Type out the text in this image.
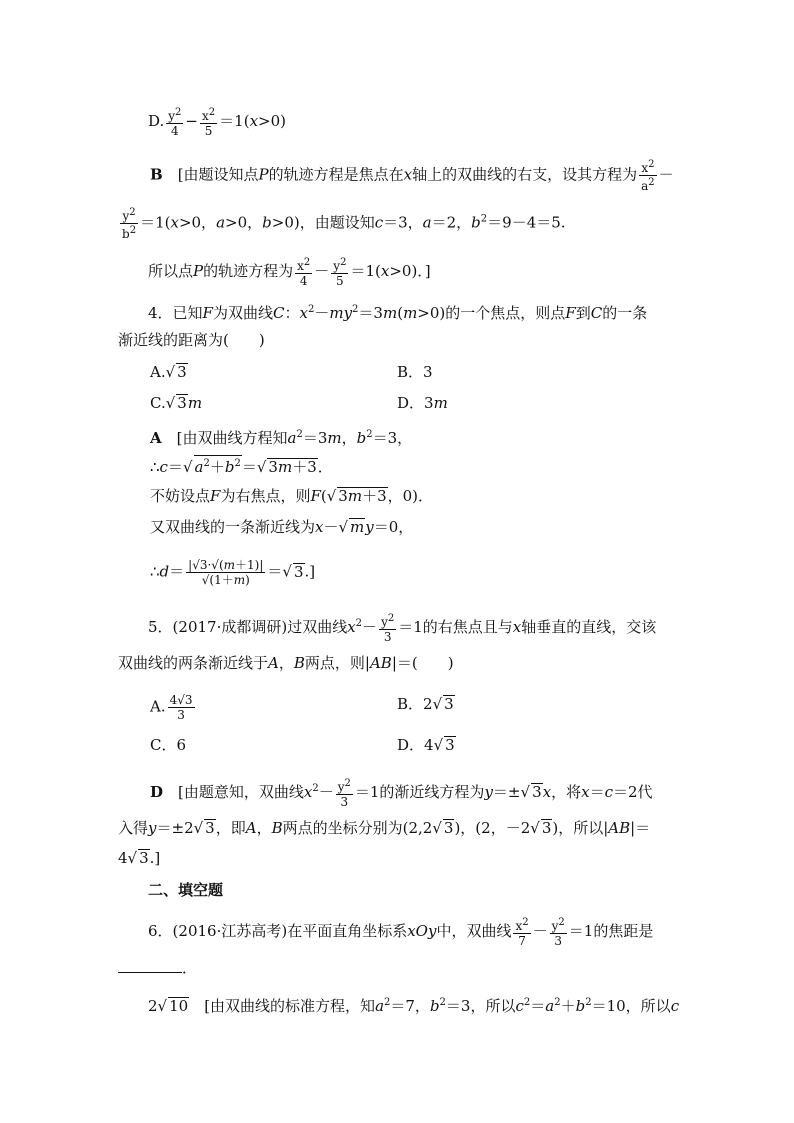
D. $\frac{y^2}{4} - \frac{x^2}{5} =1(x>0)$
B　[由题设知点P的轨迹方程是焦点在x轴上的双曲线的右支，设其方程为 $\frac{x^2}{a^2}$ －
$\frac{y^2}{b^2} =1(x>0$，a>0，b>0)，由题设知c＝3，a＝2，$b^2=9-4=5$.
所以点P的轨迹方程为 $\frac{x^2}{4} - \frac{y^2}{5} =1(x>0)$．]
4．已知F为双曲线C：$x^2-my^2=3m(m>0)$的一个焦点，则点F到C的一条
渐近线的距离为(　　)
A.√ 3	B．3
C.√ 3m	D．3m
A　[由双曲线方程知$a^2=3m$，$b^2=3$，
∴c＝√ $a^2+b^2=√$ 3m＋3．
不妨设点F为右焦点，则F(√ 3m＋3，0)．
又双曲线的一条渐近线为x－√ my＝0，
∴d＝ $\frac{|√3\cdot√(m+1)|}{√(1+m)}$ ＝√ 3.]
5．(2017·成都调研)过双曲线$x^2- \frac{y^2}{3} =1$的右焦点且与x轴垂直的直线，交该
双曲线的两条渐近线于A，B两点，则|AB|＝(　　)
A. $\frac{4√3}{3}$	B．2√ 3
C．6	D．4√ 3
D　[由题意知，双曲线$x^2- \frac{y^2}{3} =1$的渐近线方程为y＝±√ 3x，将x＝c＝2代
入得y＝±2√ 3，即A，B两点的坐标分别为(2,2√ 3)，(2，－2√ 3)，所以|AB|＝
4√ 3.]
二、填空题
6．(2016·江苏高考)在平面直角坐标系xOy中，双曲线 $\frac{x^2}{7} - \frac{y^2}{3} =1$的焦距是
．
2√ 10　[由双曲线的标准方程，知$a^2=7$，$b^2=3$，所以$c^2=a^2+b^2=10$，所以c
